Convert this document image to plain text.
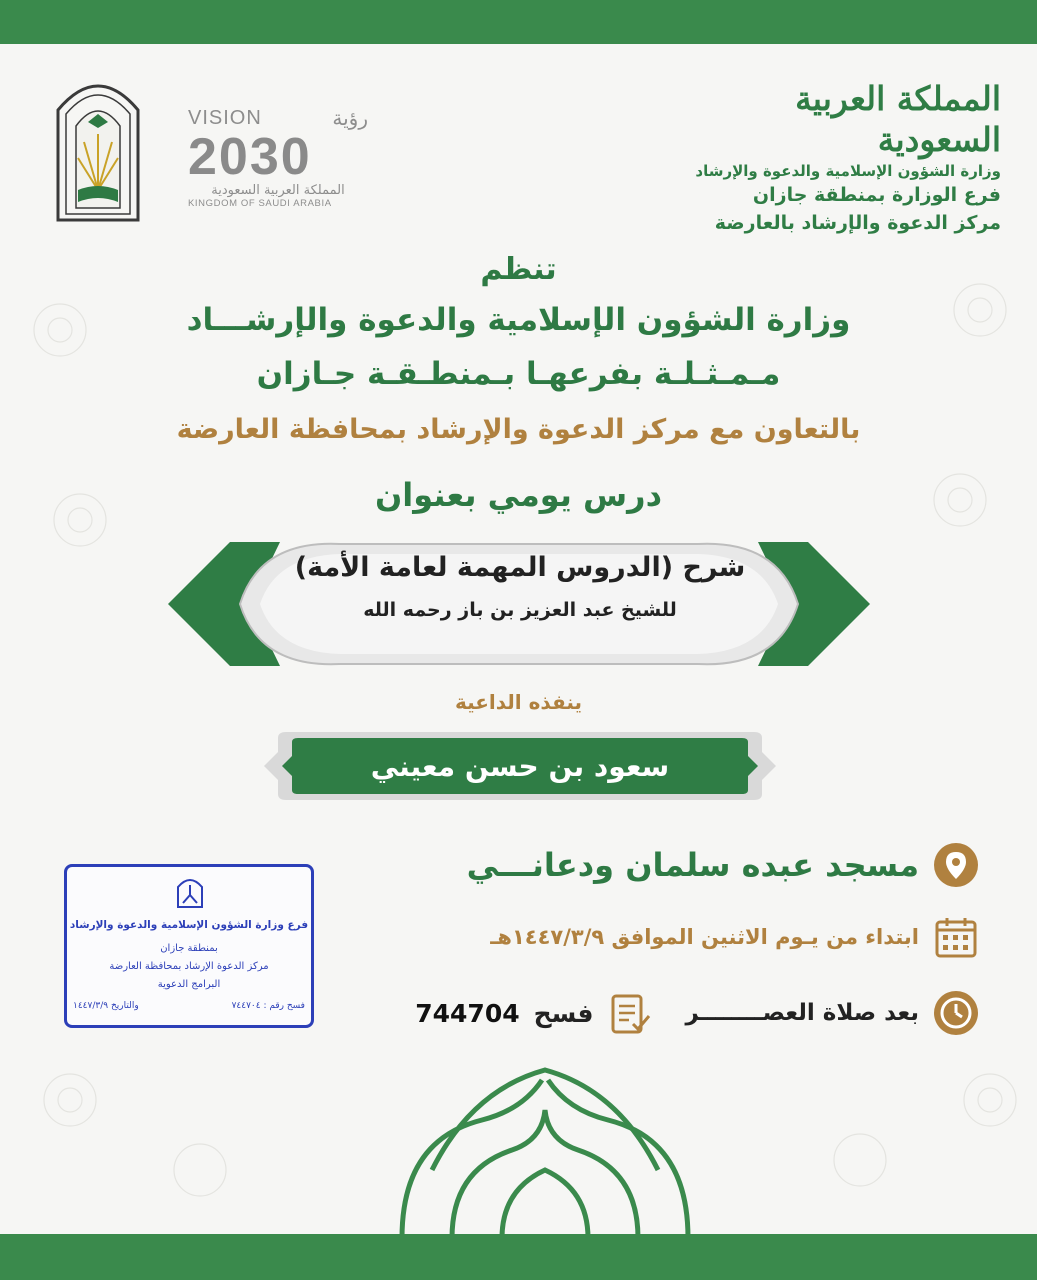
المملكة العربية السعودية
وزارة الشؤون الإسلامية والدعوة والإرشاد
فرع الوزارة بمنطقة جازان
مركز الدعوة والإرشاد بالعارضة
VISION	رؤية
2030
المملكة العربية السعودية
KINGDOM OF SAUDI ARABIA
تنظم
وزارة الشؤون الإسلامية والدعوة والإرشـــاد
مـمـثـلـة بفرعهـا بـمنطـقـة جـازان
بالتعاون مع مركز الدعوة والإرشاد بمحافظة العارضة
درس يومي بعنوان
شرح (الدروس المهمة لعامة الأمة)
للشيخ عبد العزيز بن باز رحمه الله
ينفذه الداعية
سعود بن حسن معيني
مسجد عبده سلمان ودعانـــي
ابتداء من يـوم الاثنين الموافق ١٤٤٧/٣/٩هـ
بعد صلاة العصــــــــر
فسح
744704
فرع وزارة الشؤون الإسلامية والدعوة والإرشاد
بمنطقة جازان
مركز الدعوة الإرشاد بمحافظة العارضة
البرامج الدعوية
فسح رقم : ٧٤٤٧٠٤
والتاريخ ١٤٤٧/٣/٩
